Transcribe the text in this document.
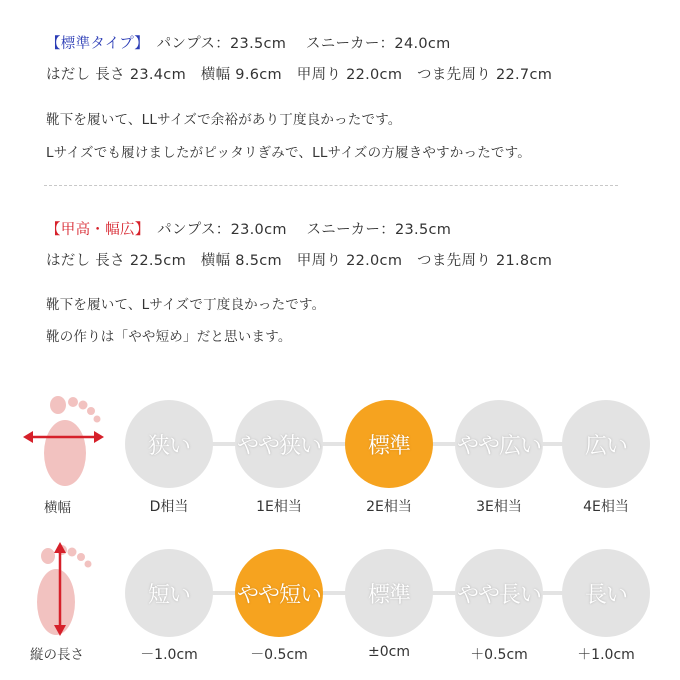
【標準タイプ】　 パンプス：23.5cm　 スニーカー：24.0cm
はだし 長さ 23.4cm　横幅 9.6cm　甲周り 22.0cm　つま先周り 22.7cm
靴下を履いて、LLサイズで余裕があり丁度良かったです。
Lサイズでも履けましたがピッタリぎみで、LLサイズの方履きやすかったです。
【甲高・幅広】　 パンプス：23.0cm　 スニーカー：23.5cm
はだし 長さ 22.5cm　横幅 8.5cm　甲周り 22.0cm　つま先周り 21.8cm
靴下を履いて、Lサイズで丁度良かったです。
靴の作りは「やや短め」だと思います。
横幅
狭い	やや狭い	標準	やや広い	広い
D相当	1E相当	2E相当	3E相当	4E相当
縦の長さ
短い	やや短い	標準	やや長い	長い
－1.0cm	－0.5cm	±0cm	＋0.5cm	＋1.0cm
